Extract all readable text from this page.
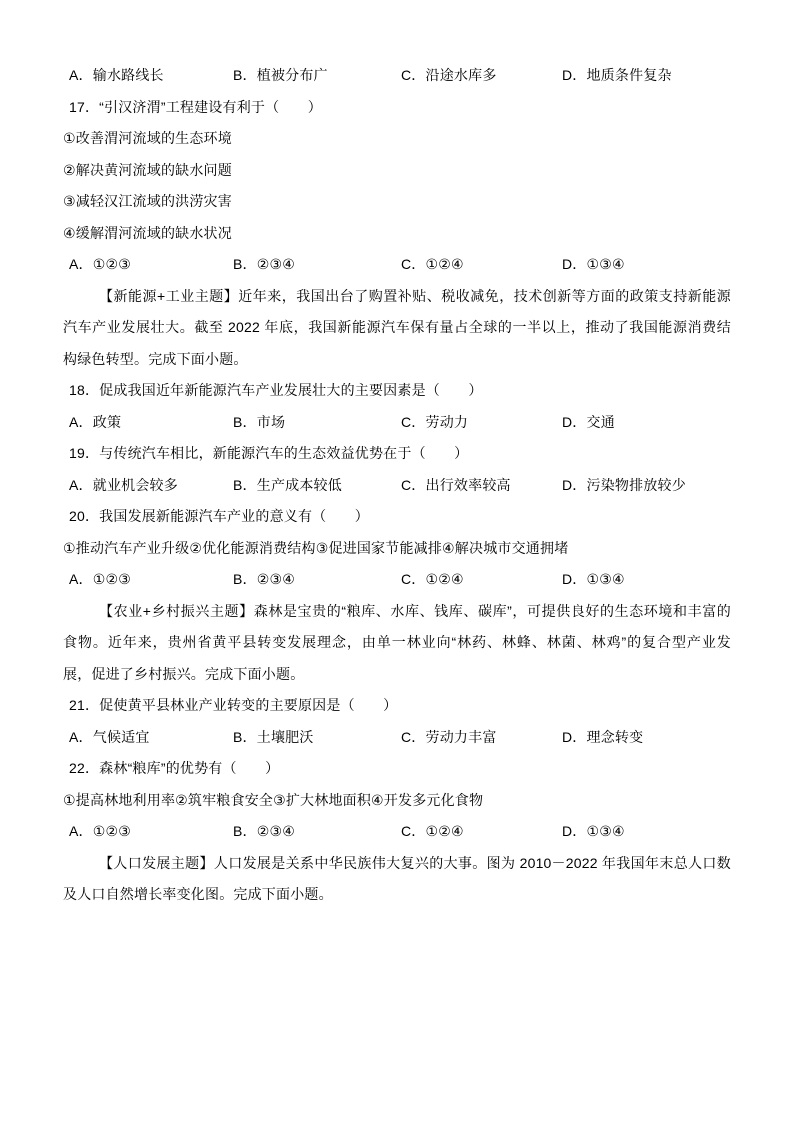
A．输水路线长	B．植被分布广	C．沿途水库多	D．地质条件复杂
17．“引汉济渭”工程建设有利于（　　）
①改善渭河流域的生态环境
②解决黄河流域的缺水问题
③减轻汉江流域的洪涝灾害
④缓解渭河流域的缺水状况
A．①②③	B．②③④	C．①②④	D．①③④
【新能源+工业主题】近年来，我国出台了购置补贴、税收减免，技术创新等方面的政策支持新能源
汽车产业发展壮大。截至 2022 年底，我国新能源汽车保有量占全球的一半以上，推动了我国能源消费结
构绿色转型。完成下面小题。
18．促成我国近年新能源汽车产业发展壮大的主要因素是（　　）
A．政策	B．市场	C．劳动力	D．交通
19．与传统汽车相比，新能源汽车的生态效益优势在于（　　）
A．就业机会较多	B．生产成本较低	C．出行效率较高	D．污染物排放较少
20．我国发展新能源汽车产业的意义有（　　）
①推动汽车产业升级②优化能源消费结构③促进国家节能减排④解决城市交通拥堵
A．①②③	B．②③④	C．①②④	D．①③④
【农业+乡村振兴主题】森林是宝贵的“粮库、水库、钱库、碳库”，可提供良好的生态环境和丰富的
食物。近年来，贵州省黄平县转变发展理念，由单一林业向“林药、林蜂、林菌、林鸡”的复合型产业发
展，促进了乡村振兴。完成下面小题。
21．促使黄平县林业产业转变的主要原因是（　　）
A．气候适宜	B．土壤肥沃	C．劳动力丰富	D．理念转变
22．森林“粮库”的优势有（　　）
①提高林地利用率②筑牢粮食安全③扩大林地面积④开发多元化食物
A．①②③	B．②③④	C．①②④	D．①③④
【人口发展主题】人口发展是关系中华民族伟大复兴的大事。图为 2010－2022 年我国年末总人口数
及人口自然增长率变化图。完成下面小题。
